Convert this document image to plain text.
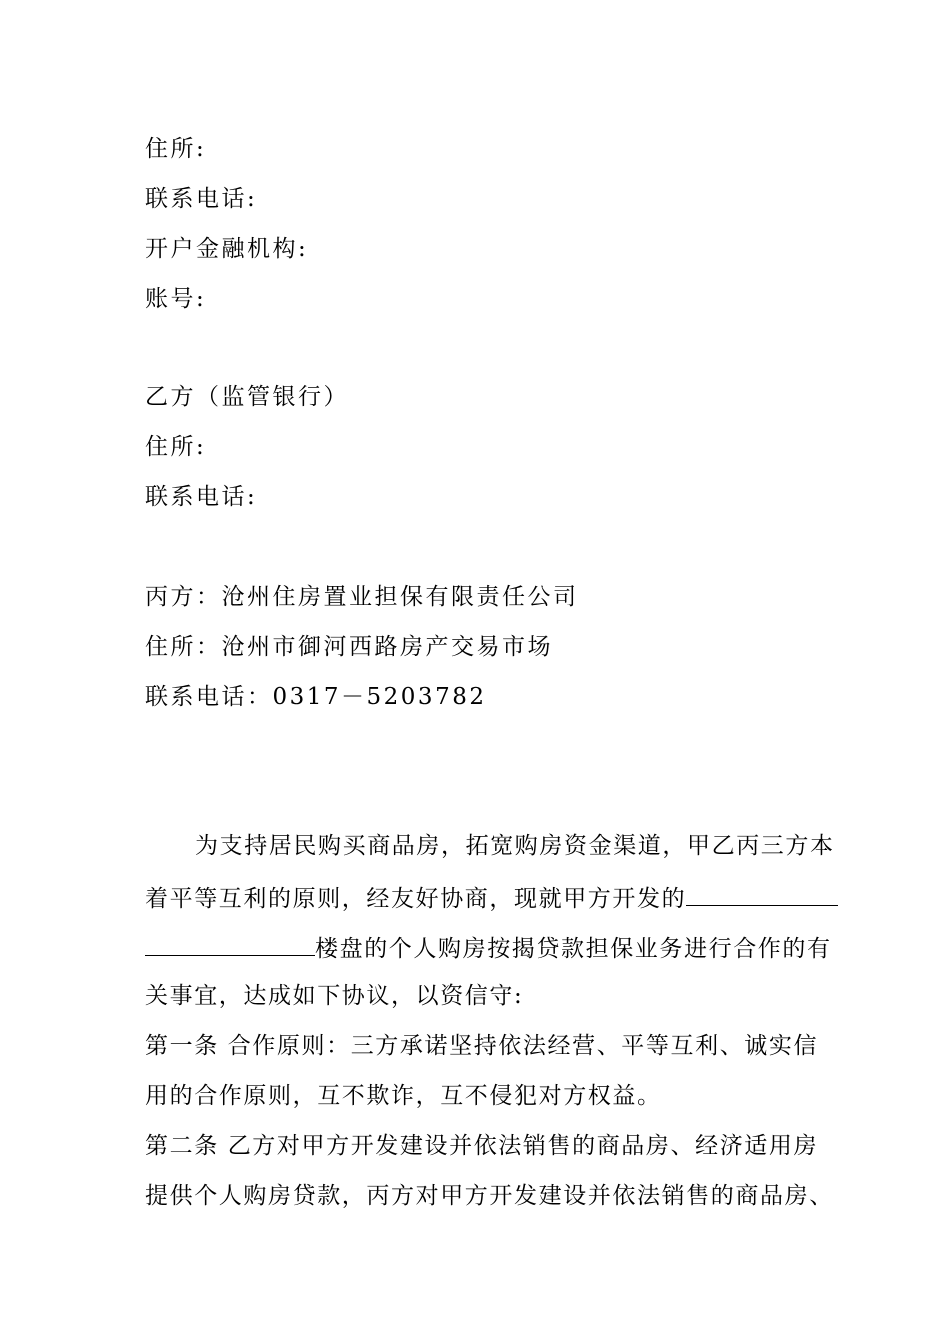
住所:
联系电话:
开户金融机构:
账号:
乙方（监管银行）
住所:
联系电话:
丙方：沧州住房置业担保有限责任公司
住所：沧州市御河西路房产交易市场
联系电话：0317－5203782
为支持居民购买商品房，拓宽购房资金渠道，甲乙丙三方本
着平等互利的原则，经友好协商，现就甲方开发的
楼盘的个人购房按揭贷款担保业务进行合作的有
关事宜，达成如下协议，以资信守:
第一条 合作原则：三方承诺坚持依法经营、平等互利、诚实信
用的合作原则，互不欺诈，互不侵犯对方权益。
第二条 乙方对甲方开发建设并依法销售的商品房、经济适用房
提供个人购房贷款，丙方对甲方开发建设并依法销售的商品房、
